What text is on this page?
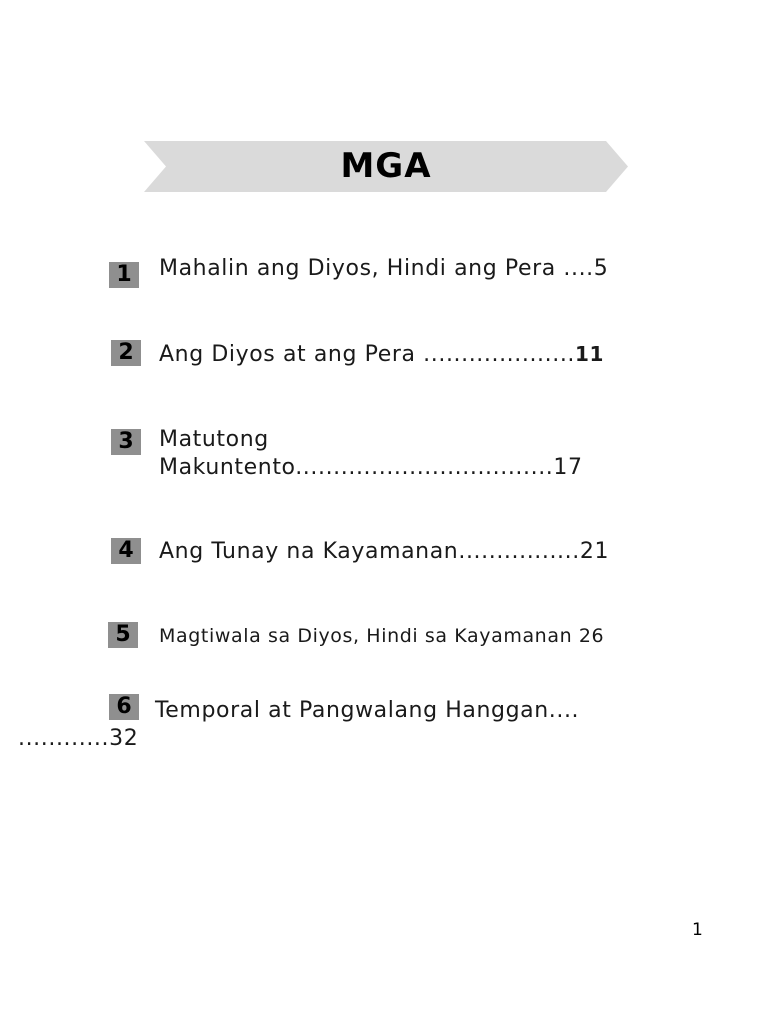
MGA
1	Mahalin ang Diyos, Hindi ang Pera ....5
2	Ang Diyos at ang Pera ....................11
3	Matutong
Makuntento..................................17
4	Ang Tunay na Kayamanan................21
5	Magtiwala sa Diyos, Hindi sa Kayamanan 26
6	Temporal at Pangwalang Hanggan....
............32
1
